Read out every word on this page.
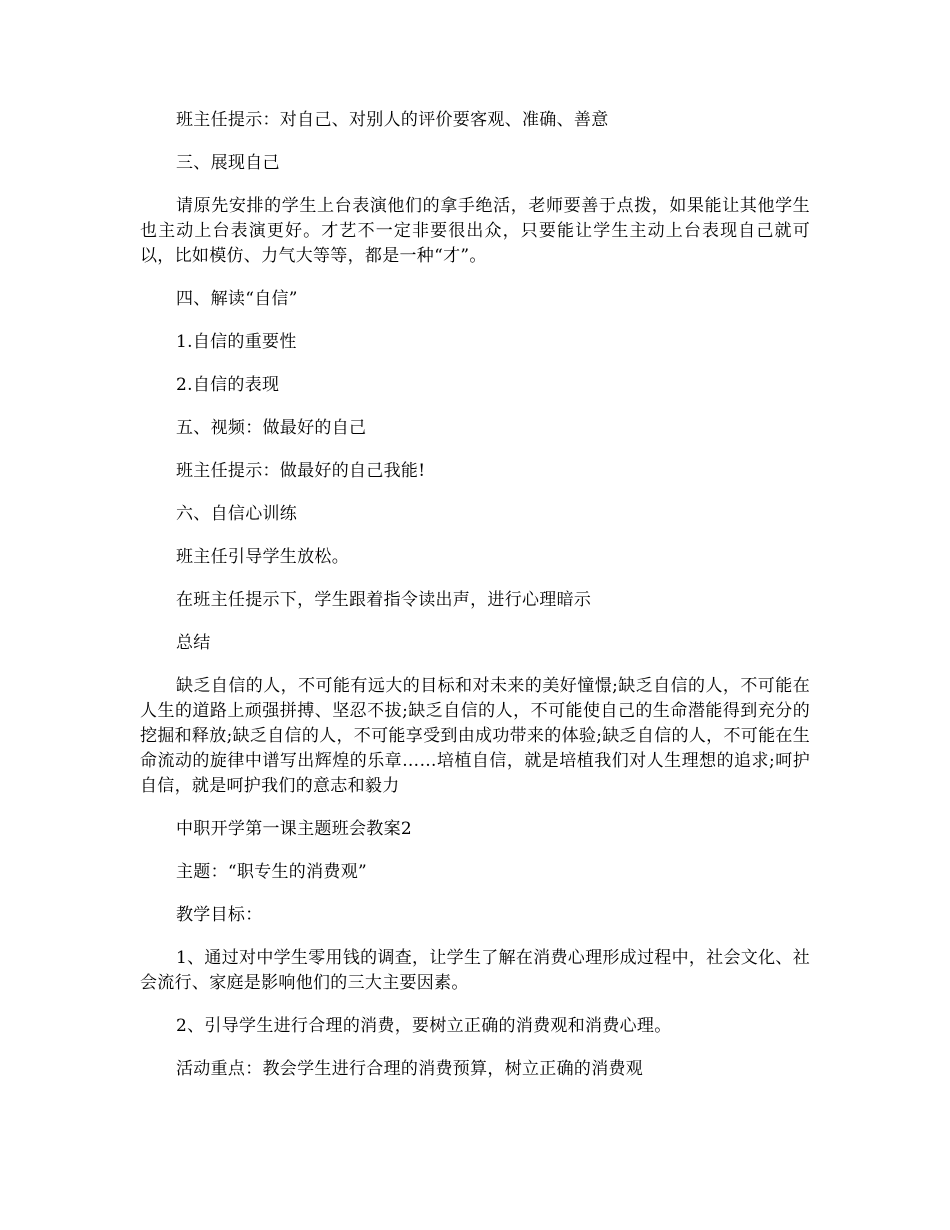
班主任提示：对自己、对别人的评价要客观、准确、善意

三、展现自己

请原先安排的学生上台表演他们的拿手绝活，老师要善于点拨，如果能让其他学生也主动上台表演更好。才艺不一定非要很出众，只要能让学生主动上台表现自己就可以，比如模仿、力气大等等，都是一种“才”。

四、解读“自信”

1.自信的重要性

2.自信的表现

五、视频：做最好的自己

班主任提示：做最好的自己我能!

六、自信心训练

班主任引导学生放松。

在班主任提示下，学生跟着指令读出声，进行心理暗示

总结

缺乏自信的人，不可能有远大的目标和对未来的美好憧憬;缺乏自信的人，不可能在人生的道路上顽强拼搏、坚忍不拔;缺乏自信的人，不可能使自己的生命潜能得到充分的挖掘和释放;缺乏自信的人，不可能享受到由成功带来的体验;缺乏自信的人，不可能在生命流动的旋律中谱写出辉煌的乐章……培植自信，就是培植我们对人生理想的追求;呵护自信，就是呵护我们的意志和毅力

中职开学第一课主题班会教案2

主题：“职专生的消费观”

教学目标：

1、通过对中学生零用钱的调查，让学生了解在消费心理形成过程中，社会文化、社会流行、家庭是影响他们的三大主要因素。

2、引导学生进行合理的消费，要树立正确的消费观和消费心理。

活动重点：教会学生进行合理的消费预算，树立正确的消费观
